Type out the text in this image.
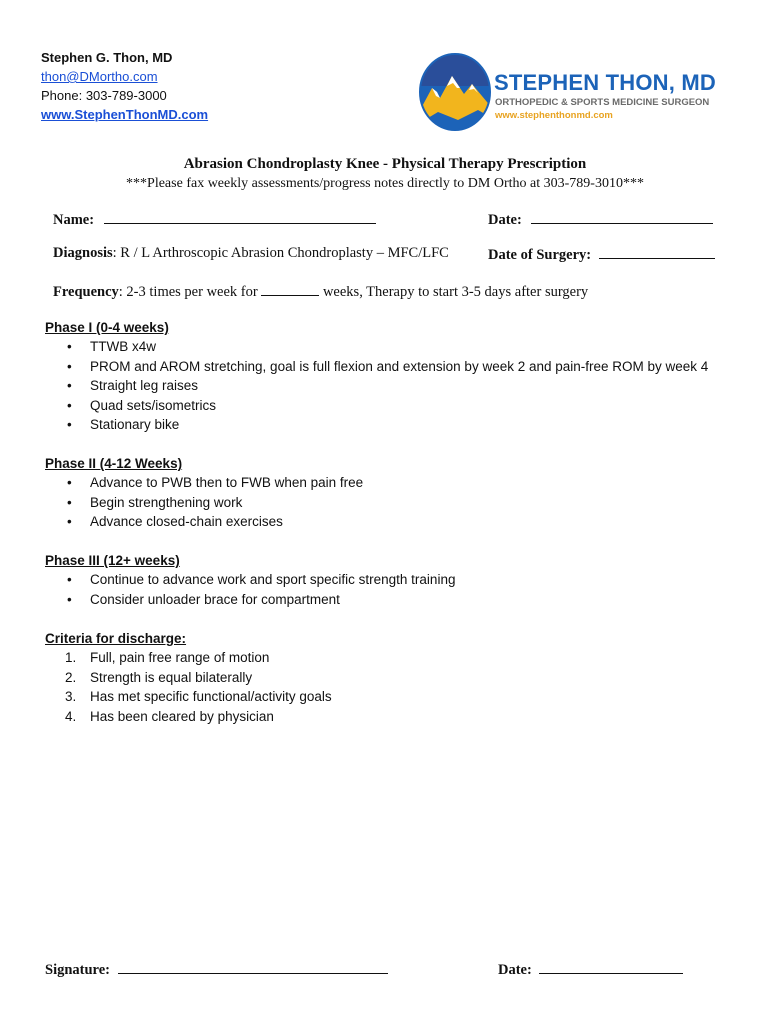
Stephen G. Thon, MD
thon@DMortho.com
Phone: 303-789-3000
www.StephenThonMD.com
STEPHEN THON, MD
ORTHOPEDIC & SPORTS MEDICINE SURGEON
www.stephenthonmd.com
Abrasion Chondroplasty Knee - Physical Therapy Prescription
***Please fax weekly assessments/progress notes directly to DM Ortho at 303-789-3010***
Name:	Date:
Diagnosis: R / L Arthroscopic Abrasion Chondroplasty – MFC/LFC	Date of Surgery:
Frequency: 2-3 times per week for	weeks, Therapy to start 3-5 days after surgery
Phase I (0-4 weeks)
• TTWB x4w
• PROM and AROM stretching, goal is full flexion and extension by week 2 and pain-free ROM by week 4
• Straight leg raises
• Quad sets/isometrics
• Stationary bike
Phase II (4-12 Weeks)
• Advance to PWB then to FWB when pain free
• Begin strengthening work
• Advance closed-chain exercises
Phase III (12+ weeks)
• Continue to advance work and sport specific strength training
• Consider unloader brace for compartment
Criteria for discharge:
1. Full, pain free range of motion
2. Strength is equal bilaterally
3. Has met specific functional/activity goals
4. Has been cleared by physician
Signature:	Date:
